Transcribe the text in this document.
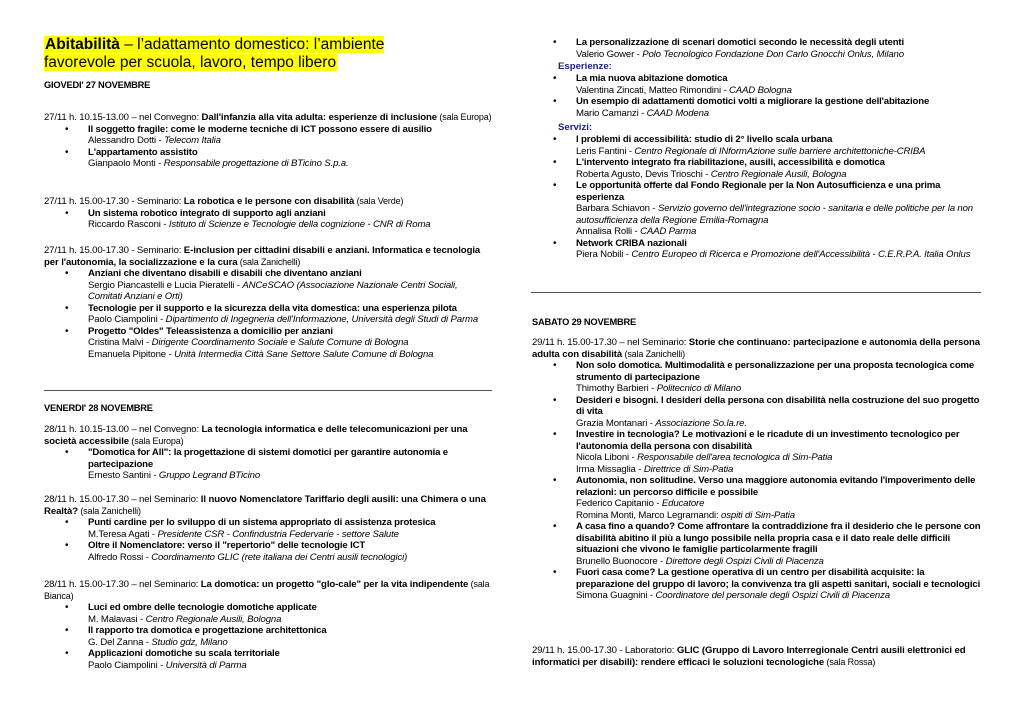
Abitabilità – l’adattamento domestico: l’ambiente favorevole per scuola, lavoro, tempo libero
GIOVEDI' 27 NOVEMBRE
27/11 h. 10.15-13.00 – nel Convegno: Dall'infanzia alla vita adulta: esperienze di inclusione (sala Europa)
• Il soggetto fragile: come le moderne tecniche di ICT possono essere di ausilio
Alessandro Dotti - Telecom Italia
• L'appartamento assistito
Gianpaolo Monti - Responsabile progettazione di BTicino S.p.a.
27/11 h. 15.00-17.30 - Seminario: La robotica e le persone con disabilità (sala Verde)
• Un sistema robotico integrato di supporto agli anziani
Riccardo Rasconi - Istituto di Scienze e Tecnologie della cognizione - CNR di Roma
27/11 h. 15.00-17.30 - Seminario: E-inclusion per cittadini disabili e anziani. Informatica e tecnologia per l'autonomia, la socializzazione e la cura (sala Zanichelli)
• Anziani che diventano disabili e disabili che diventano anziani
Sergio Piancastelli e Lucia Pieratelli - ANCeSCAO (Associazione Nazionale Centri Sociali, Comitati Anziani e Orti)
• Tecnologie per il supporto e la sicurezza della vita domestica: una esperienza pilota
Paolo Ciampolini - Dipartimento di Ingegneria dell'Informazione, Università degli Studi di Parma
• Progetto "Oldes" Teleassistenza a domicilio per anziani
Cristina Malvi - Dirigente Coordinamento Sociale e Salute Comune di Bologna
Emanuela Pipitone - Unità Intermedia Città Sane Settore Salute Comune di Bologna
VENERDI' 28 NOVEMBRE
28/11 h. 10.15-13.00 – nel Convegno: La tecnologia informatica e delle telecomunicazioni per una società accessibile (sala Europa)
• "Domotica for All": la progettazione di sistemi domotici per garantire autonomia e partecipazione
Ernesto Santini - Gruppo Legrand BTicino
28/11 h. 15.00-17.30 – nel Seminario: Il nuovo Nomenclatore Tariffario degli ausili: una Chimera o una Realtà? (sala Zanichelli)
• Punti cardine per lo sviluppo di un sistema appropriato di assistenza protesica
M.Teresa Agati - Presidente CSR - Confindustria Federvarie - settore Salute
• Oltre il Nomenclatore: verso il "repertorio" delle tecnologie ICT
Alfredo Rossi - Coordinamento GLIC (rete italiana dei Centri ausili tecnologici)
28/11 h. 15.00-17.30 – nel Seminario: La domotica: un progetto "glo-cale" per la vita indipendente (sala Bianca)
• Luci ed ombre delle tecnologie domotiche applicate
M. Malavasi - Centro Regionale Ausili, Bologna
• Il rapporto tra domotica e progettazione architettonica
G. Del Zanna - Studio gdz, Milano
• Applicazioni domotiche su scala territoriale
Paolo Ciampolini - Università di Parma
• La personalizzazione di scenari domotici secondo le necessità degli utenti
Valerio Gower - Polo Tecnologico Fondazione Don Carlo Gnocchi Onlus, Milano
Esperienze:
• La mia nuova abitazione domotica
Valentina Zincati, Matteo Rimondini - CAAD Bologna
• Un esempio di adattamenti domotici volti a migliorare la gestione dell'abitazione
Mario Camanzi - CAAD Modena
Servizi:
• I problemi di accessibilità: studio di 2° livello scala urbana
Leris Fantini - Centro Regionale di INformAzione sulle barriere architettoniche-CRIBA
• L'intervento integrato fra riabilitazione, ausili, accessibilità e domotica
Roberta Agusto, Devis Trioschi - Centro Regionale Ausili, Bologna
• Le opportunità offerte dal Fondo Regionale per la Non Autosufficienza e una prima esperienza
Barbara Schiavon - Servizio governo dell'integrazione socio - sanitaria e delle politiche per la non autosufficienza della Regione Emilia-Romagna
Annalisa Rolli - CAAD Parma
• Network CRIBA nazionali
Piera Nobili - Centro Europeo di Ricerca e Promozione dell'Accessibilità - C.E.R.P.A. Italia Onlus
SABATO 29 NOVEMBRE
29/11 h. 15.00-17.30 – nel Seminario: Storie che continuano: partecipazione e autonomia della persona adulta con disabilità (sala Zanichelli)
• Non solo domotica. Multimodalità e personalizzazione per una proposta tecnologica come strumento di partecipazione
Thimothy Barbieri - Politecnico di Milano
• Desideri e bisogni. I desideri della persona con disabilità nella costruzione del suo progetto di vita
Grazia Montanari - Associazione So.la.re.
• Investire in tecnologia? Le motivazioni e le ricadute di un investimento tecnologico per l'autonomia della persona con disabilità
Nicola Liboni - Responsabile dell'area tecnologica di Sim-Patia
Irma Missaglia - Direttrice di Sim-Patia
• Autonomia, non solitudine. Verso una maggiore autonomia evitando l'impoverimento delle relazioni: un percorso difficile e possibile
Federico Capitanio - Educatore
Romina Monti, Marco Legramandi: ospiti di Sim-Patia
• A casa fino a quando? Come affrontare la contraddizione fra il desiderio che le persone con disabilità abitino il più a lungo possibile nella propria casa e il dato reale delle difficili situazioni che vivono le famiglie particolarmente fragili
Brunello Buonocore - Direttore degli Ospizi Civili di Piacenza
• Fuori casa come? La gestione operativa di un centro per disabilità acquisite: la preparazione del gruppo di lavoro; la convivenza tra gli aspetti sanitari, sociali e tecnologici
Simona Guagnini - Coordinatore del personale degli Ospizi Civili di Piacenza
29/11 h. 15.00-17.30 - Laboratorio: GLIC (Gruppo di Lavoro Interregionale Centri ausili elettronici ed informatici per disabili): rendere efficaci le soluzioni tecnologiche (sala Rossa)
